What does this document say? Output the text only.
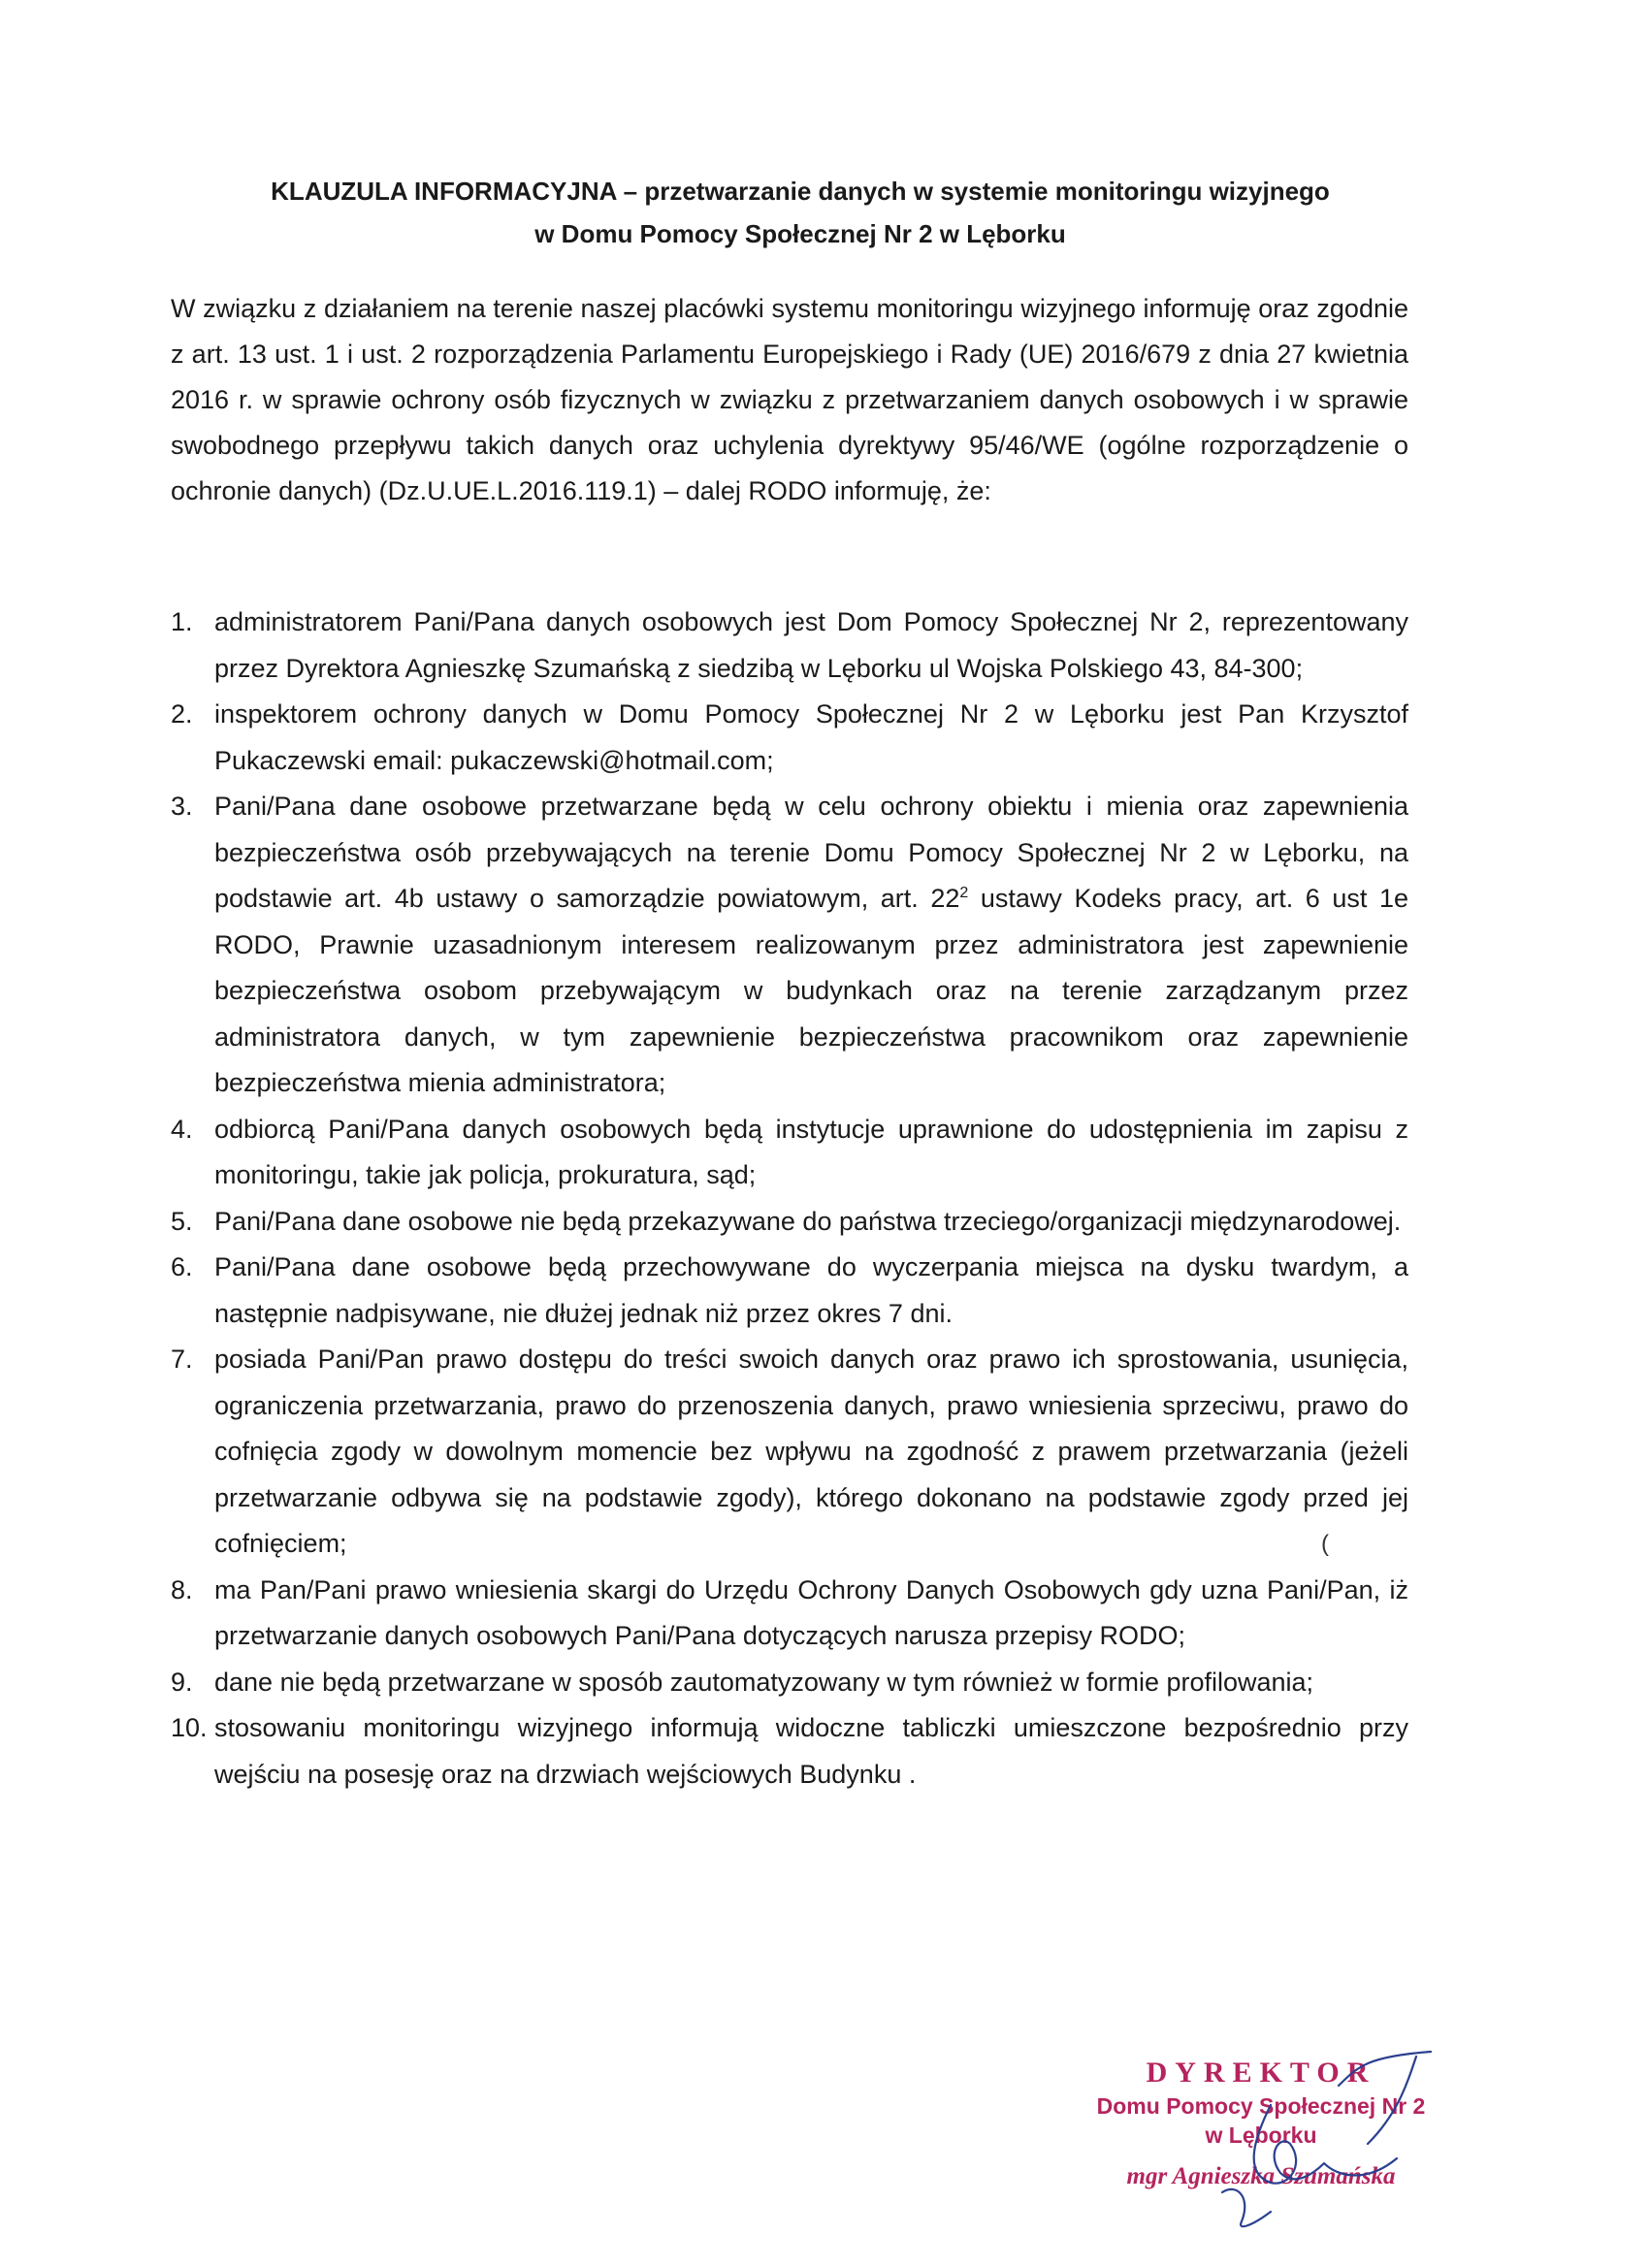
KLAUZULA INFORMACYJNA – przetwarzanie danych w systemie monitoringu wizyjnego
w Domu Pomocy Społecznej Nr 2 w Lęborku
W związku z działaniem na terenie naszej placówki systemu monitoringu wizyjnego informuję oraz zgodnie z art. 13 ust. 1 i ust. 2 rozporządzenia Parlamentu Europejskiego i Rady (UE) 2016/679 z dnia 27 kwietnia 2016 r. w sprawie ochrony osób fizycznych w związku z przetwarzaniem danych osobowych i w sprawie swobodnego przepływu takich danych oraz uchylenia dyrektywy 95/46/WE (ogólne rozporządzenie o ochronie danych) (Dz.U.UE.L.2016.119.1) – dalej RODO informuję, że:
1. administratorem Pani/Pana danych osobowych jest Dom Pomocy Społecznej Nr 2, reprezentowany przez Dyrektora Agnieszkę Szumańską z siedzibą w Lęborku ul Wojska Polskiego 43, 84-300;
2. inspektorem ochrony danych w Domu Pomocy Społecznej Nr 2 w Lęborku jest Pan Krzysztof Pukaczewski email: pukaczewski@hotmail.com;
3. Pani/Pana dane osobowe przetwarzane będą w celu ochrony obiektu i mienia oraz zapewnienia bezpieczeństwa osób przebywających na terenie Domu Pomocy Społecznej Nr 2 w Lęborku, na podstawie art. 4b ustawy o samorządzie powiatowym, art. $22^2$ ustawy Kodeks pracy, art. 6 ust 1e RODO, Prawnie uzasadnionym interesem realizowanym przez administratora jest zapewnienie bezpieczeństwa osobom przebywającym w budynkach oraz na terenie zarządzanym przez administratora danych, w tym zapewnienie bezpieczeństwa pracownikom oraz zapewnienie bezpieczeństwa mienia administratora;
4. odbiorcą Pani/Pana danych osobowych będą instytucje uprawnione do udostępnienia im zapisu z monitoringu, takie jak policja, prokuratura, sąd;
5. Pani/Pana dane osobowe nie będą przekazywane do państwa trzeciego/organizacji międzynarodowej.
6. Pani/Pana dane osobowe będą przechowywane do wyczerpania miejsca na dysku twardym, a następnie nadpisywane, nie dłużej jednak niż przez okres 7 dni.
7. posiada Pani/Pan prawo dostępu do treści swoich danych oraz prawo ich sprostowania, usunięcia, ograniczenia przetwarzania, prawo do przenoszenia danych, prawo wniesienia sprzeciwu, prawo do cofnięcia zgody w dowolnym momencie bez wpływu na zgodność z prawem przetwarzania (jeżeli przetwarzanie odbywa się na podstawie zgody), którego dokonano na podstawie zgody przed jej cofnięciem;
8. ma Pan/Pani prawo wniesienia skargi do Urzędu Ochrony Danych Osobowych gdy uzna Pani/Pan, iż przetwarzanie danych osobowych Pani/Pana dotyczących narusza przepisy RODO;
9. dane nie będą przetwarzane w sposób zautomatyzowany w tym również w formie profilowania;
10. stosowaniu monitoringu wizyjnego informują widoczne tabliczki umieszczone bezpośrednio przy wejściu na posesję oraz na drzwiach wejściowych Budynku .
DYREKTOR
Domu Pomocy Społecznej Nr 2
w Lęborku
mgr Agnieszka Szumańska
(
